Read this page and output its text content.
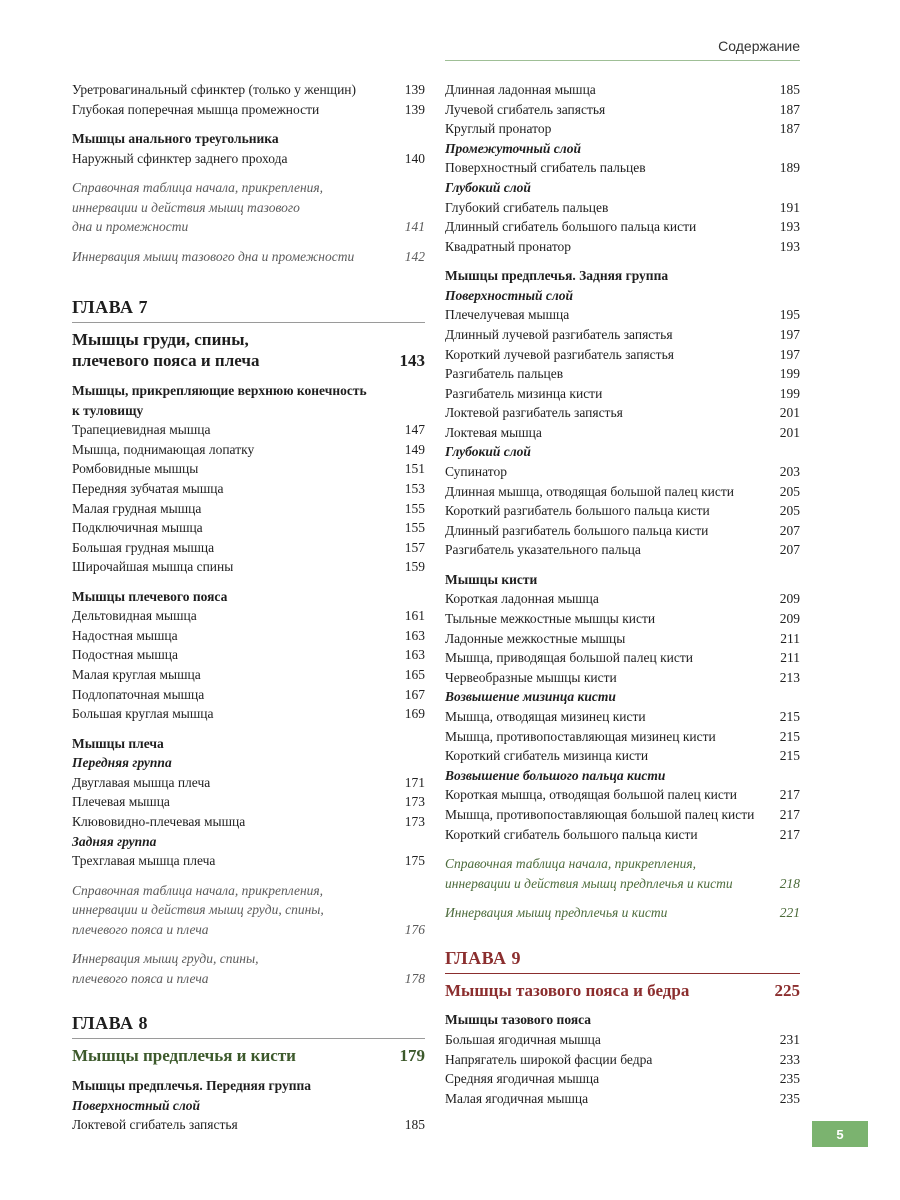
Содержание
Уретровагинальный сфинктер (только у женщин)	139
Глубокая поперечная мышца промежности	139
Мышцы анального треугольника
Наружный сфинктер заднего прохода	140
Справочная таблица начала, прикрепления,
иннервации и действия мышц тазового
дна и промежности	141
Иннервация мышц тазового дна и промежности	142
ГЛАВА 7
Мышцы груди, спины,
плечевого пояса и плеча	143
Мышцы, прикрепляющие верхнюю конечность
к туловищу
Трапециевидная мышца	147
Мышца, поднимающая лопатку	149
Ромбовидные мышцы	151
Передняя зубчатая мышца	153
Малая грудная мышца	155
Подключичная мышца	155
Большая грудная мышца	157
Широчайшая мышца спины	159
Мышцы плечевого пояса
Дельтовидная мышца	161
Надостная мышца	163
Подостная мышца	163
Малая круглая мышца	165
Подлопаточная мышца	167
Большая круглая мышца	169
Мышцы плеча
Передняя группа
Двуглавая мышца плеча	171
Плечевая мышца	173
Клювовидно-плечевая мышца	173
Задняя группа
Трехглавая мышца плеча	175
Справочная таблица начала, прикрепления,
иннервации и действия мышц груди, спины,
плечевого пояса и плеча	176
Иннервация мышц груди, спины,
плечевого пояса и плеча	178
ГЛАВА 8
Мышцы предплечья и кисти	179
Мышцы предплечья. Передняя группа
Поверхностный слой
Локтевой сгибатель запястья	185
Длинная ладонная мышца	185
Лучевой сгибатель запястья	187
Круглый пронатор	187
Промежуточный слой
Поверхностный сгибатель пальцев	189
Глубокий слой
Глубокий сгибатель пальцев	191
Длинный сгибатель большого пальца кисти	193
Квадратный пронатор	193
Мышцы предплечья. Задняя группа
Поверхностный слой
Плечелучевая мышца	195
Длинный лучевой разгибатель запястья	197
Короткий лучевой разгибатель запястья	197
Разгибатель пальцев	199
Разгибатель мизинца кисти	199
Локтевой разгибатель запястья	201
Локтевая мышца	201
Глубокий слой
Супинатор	203
Длинная мышца, отводящая большой палец кисти	205
Короткий разгибатель большого пальца кисти	205
Длинный разгибатель большого пальца кисти	207
Разгибатель указательного пальца	207
Мышцы кисти
Короткая ладонная мышца	209
Тыльные межкостные мышцы кисти	209
Ладонные межкостные мышцы	211
Мышца, приводящая большой палец кисти	211
Червеобразные мышцы кисти	213
Возвышение мизинца кисти
Мышца, отводящая мизинец кисти	215
Мышца, противопоставляющая мизинец кисти	215
Короткий сгибатель мизинца кисти	215
Возвышение большого пальца кисти
Короткая мышца, отводящая большой палец кисти	217
Мышца, противопоставляющая большой палец кисти	217
Короткий сгибатель большого пальца кисти	217
Справочная таблица начала, прикрепления,
иннервации и действия мышц предплечья и кисти	218
Иннервация мышц предплечья и кисти	221
ГЛАВА 9
Мышцы тазового пояса и бедра	225
Мышцы тазового пояса
Большая ягодичная мышца	231
Напрягатель широкой фасции бедра	233
Средняя ягодичная мышца	235
Малая ягодичная мышца	235
5
